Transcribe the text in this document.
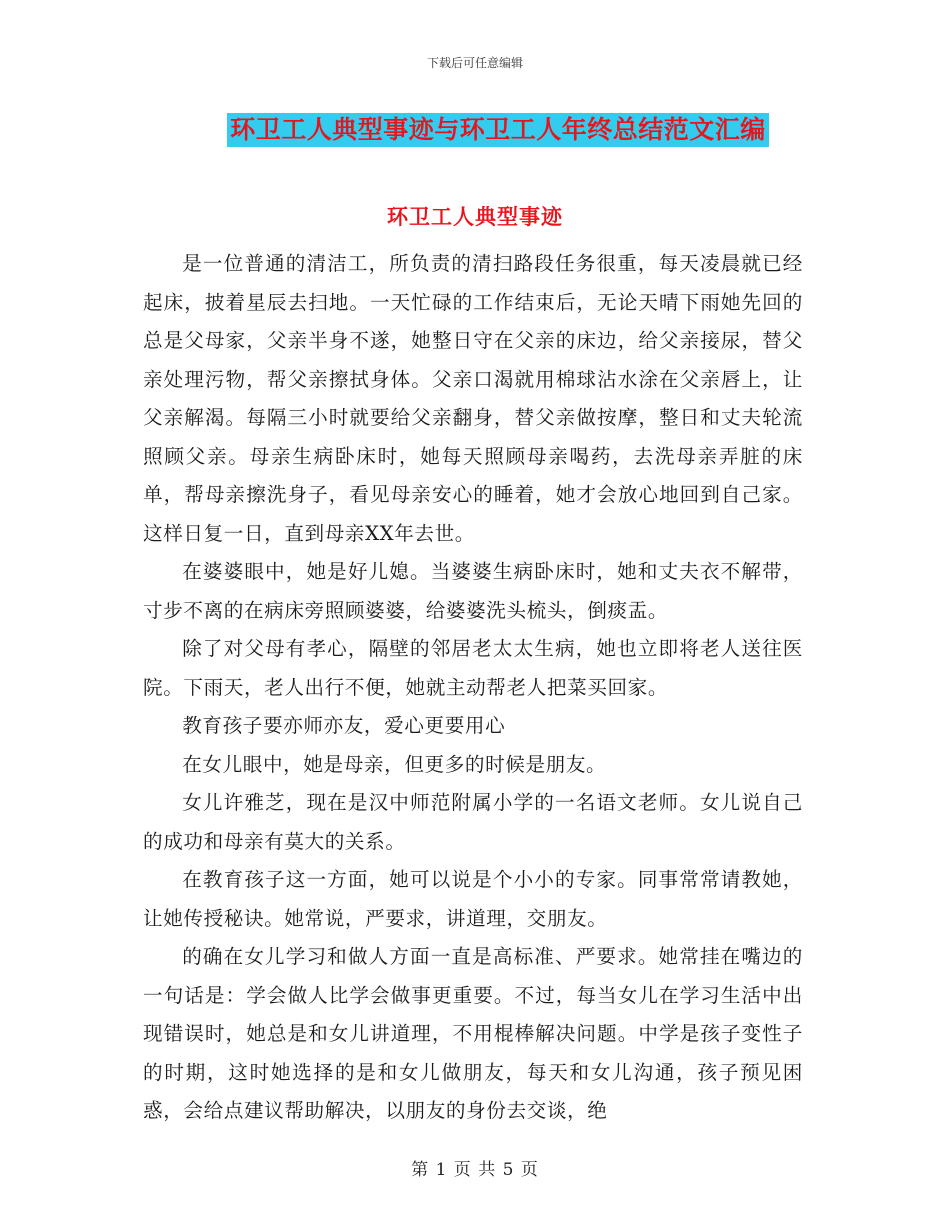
下载后可任意编辑
环卫工人典型事迹与环卫工人年终总结范文汇编
环卫工人典型事迹

是一位普通的清洁工，所负责的清扫路段任务很重，每天凌晨就已经起床，披着星辰去扫地。一天忙碌的工作结束后，无论天晴下雨她先回的总是父母家，父亲半身不遂，她整日守在父亲的床边，给父亲接尿，替父亲处理污物，帮父亲擦拭身体。父亲口渴就用棉球沾水涂在父亲唇上，让父亲解渴。每隔三小时就要给父亲翻身，替父亲做按摩，整日和丈夫轮流照顾父亲。母亲生病卧床时，她每天照顾母亲喝药，去洗母亲弄脏的床单，帮母亲擦洗身子，看见母亲安心的睡着，她才会放心地回到自己家。这样日复一日，直到母亲XX年去世。

在婆婆眼中，她是好儿媳。当婆婆生病卧床时，她和丈夫衣不解带，寸步不离的在病床旁照顾婆婆，给婆婆洗头梳头，倒痰盂。

除了对父母有孝心，隔壁的邻居老太太生病，她也立即将老人送往医院。下雨天，老人出行不便，她就主动帮老人把菜买回家。

教育孩子要亦师亦友，爱心更要用心

在女儿眼中，她是母亲，但更多的时候是朋友。

女儿许雅芝，现在是汉中师范附属小学的一名语文老师。女儿说自己的成功和母亲有莫大的关系。

在教育孩子这一方面，她可以说是个小小的专家。同事常常请教她，让她传授秘诀。她常说，严要求，讲道理，交朋友。

的确在女儿学习和做人方面一直是高标准、严要求。她常挂在嘴边的一句话是：学会做人比学会做事更重要。不过，每当女儿在学习生活中出现错误时，她总是和女儿讲道理，不用棍棒解决问题。中学是孩子变性子的时期，这时她选择的是和女儿做朋友，每天和女儿沟通，孩子预见困惑，会给点建议帮助解决，以朋友的身份去交谈，绝

第 1 页 共 5 页
